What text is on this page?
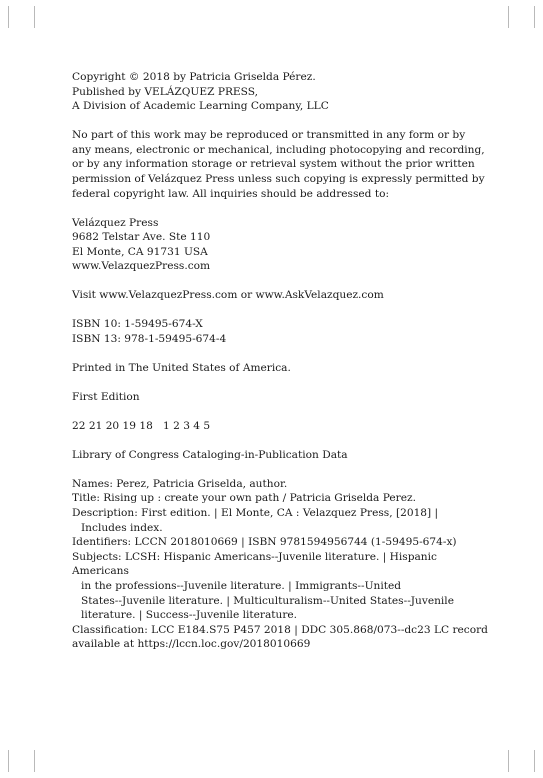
Copyright © 2018 by Patricia Griselda Pérez.
Published by VELÁZQUEZ PRESS,
A Division of Academic Learning Company, LLC
No part of this work may be reproduced or transmitted in any form or by
any means, electronic or mechanical, including photocopying and recording,
or by any information storage or retrieval system without the prior written
permission of Velázquez Press unless such copying is expressly permitted by
federal copyright law. All inquiries should be addressed to:
Velázquez Press
9682 Telstar Ave. Ste 110
El Monte, CA 91731 USA
www.VelazquezPress.com
Visit www.VelazquezPress.com or www.AskVelazquez.com
ISBN 10: 1-59495-674-X
ISBN 13: 978-1-59495-674-4
Printed in The United States of America.
First Edition
22 21 20 19 18   1 2 3 4 5
Library of Congress Cataloging-in-Publication Data
Names: Perez, Patricia Griselda, author.
Title: Rising up : create your own path / Patricia Griselda Perez.
Description: First edition. | El Monte, CA : Velazquez Press, [2018] |
Includes index.
Identifiers: LCCN 2018010669 | ISBN 9781594956744 (1-59495-674-x)
Subjects: LCSH: Hispanic Americans--Juvenile literature. | Hispanic
Americans
in the professions--Juvenile literature. | Immigrants--United
States--Juvenile literature. | Multiculturalism--United States--Juvenile
literature. | Success--Juvenile literature.
Classification: LCC E184.S75 P457 2018 | DDC 305.868/073--dc23 LC record
available at https://lccn.loc.gov/2018010669
